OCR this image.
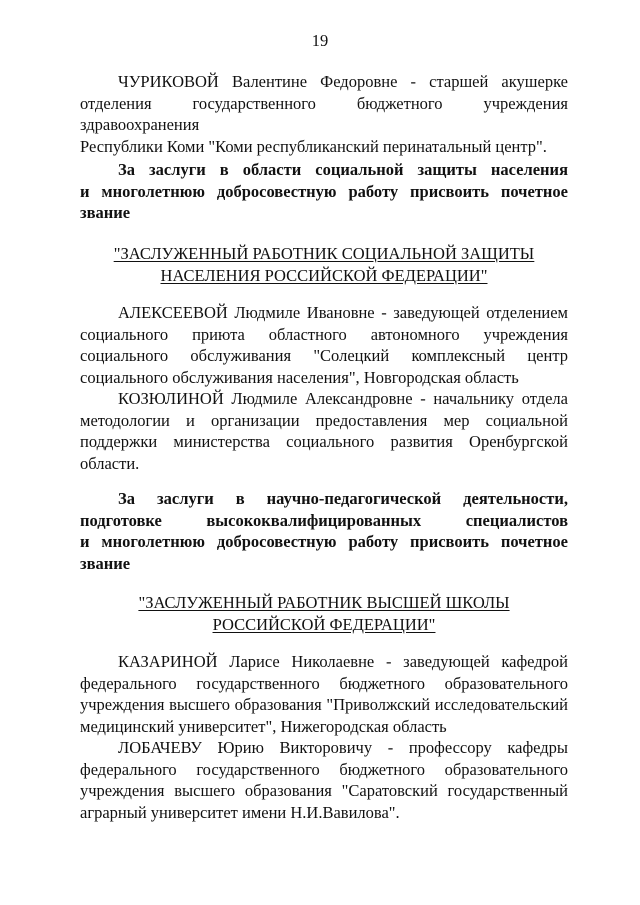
19
ЧУРИКОВОЙ Валентине Федоровне - старшей акушерке
отделения государственного бюджетного учреждения здравоохранения
Республики Коми "Коми республиканский перинатальный центр".
За заслуги в области социальной защиты населения
и многолетнюю добросовестную работу присвоить почетное
звание
"ЗАСЛУЖЕННЫЙ РАБОТНИК СОЦИАЛЬНОЙ ЗАЩИТЫ
НАСЕЛЕНИЯ РОССИЙСКОЙ ФЕДЕРАЦИИ"
АЛЕКСЕЕВОЙ Людмиле Ивановне - заведующей отделением
социального приюта областного автономного учреждения
социального обслуживания "Солецкий комплексный центр
социального обслуживания населения", Новгородская область
КОЗЮЛИНОЙ Людмиле Александровне - начальнику отдела
методологии и организации предоставления мер социальной
поддержки министерства социального развития Оренбургской
области.
За заслуги в научно-педагогической деятельности,
подготовке высококвалифицированных специалистов
и многолетнюю добросовестную работу присвоить почетное
звание
"ЗАСЛУЖЕННЫЙ РАБОТНИК ВЫСШЕЙ ШКОЛЫ
РОССИЙСКОЙ ФЕДЕРАЦИИ"
КАЗАРИНОЙ Ларисе Николаевне - заведующей кафедрой
федерального государственного бюджетного образовательного
учреждения высшего образования "Приволжский исследовательский
медицинский университет", Нижегородская область
ЛОБАЧЕВУ Юрию Викторовичу - профессору кафедры
федерального государственного бюджетного образовательного
учреждения высшего образования "Саратовский государственный
аграрный университет имени Н.И.Вавилова".
